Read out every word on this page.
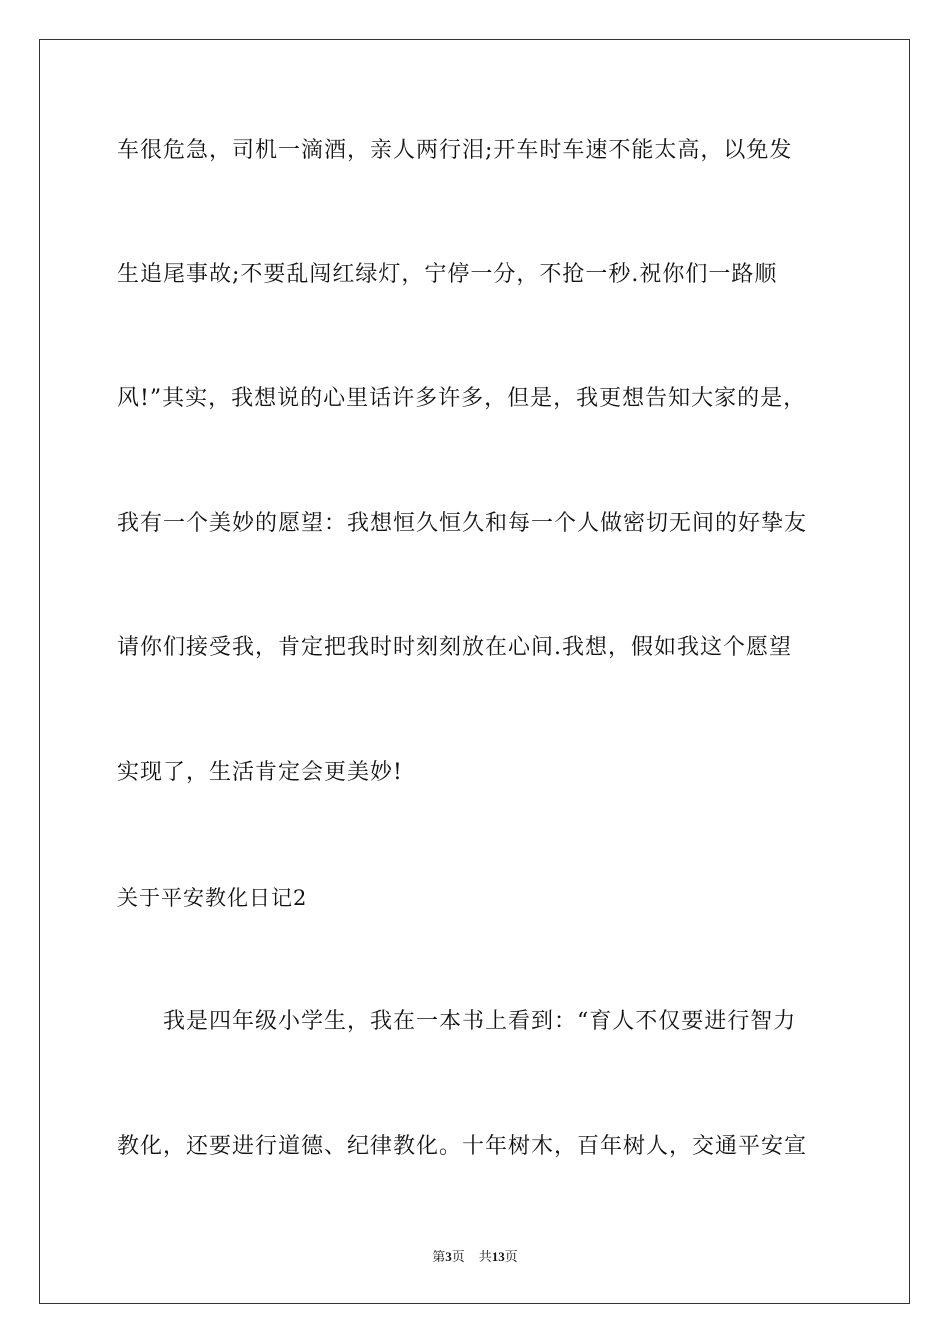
车很危急，司机一滴酒，亲人两行泪;开车时车速不能太高，以免发
生追尾事故;不要乱闯红绿灯，宁停一分，不抢一秒.祝你们一路顺
风!”其实，我想说的心里话许多许多，但是，我更想告知大家的是，
我有一个美妙的愿望：我想恒久恒久和每一个人做密切无间的好挚友
请你们接受我，肯定把我时时刻刻放在心间.我想，假如我这个愿望
实现了，生活肯定会更美妙!
关于平安教化日记2
我是四年级小学生，我在一本书上看到：“育人不仅要进行智力
教化，还要进行道德、纪律教化。十年树木，百年树人，交通平安宣
第3页 共13页
